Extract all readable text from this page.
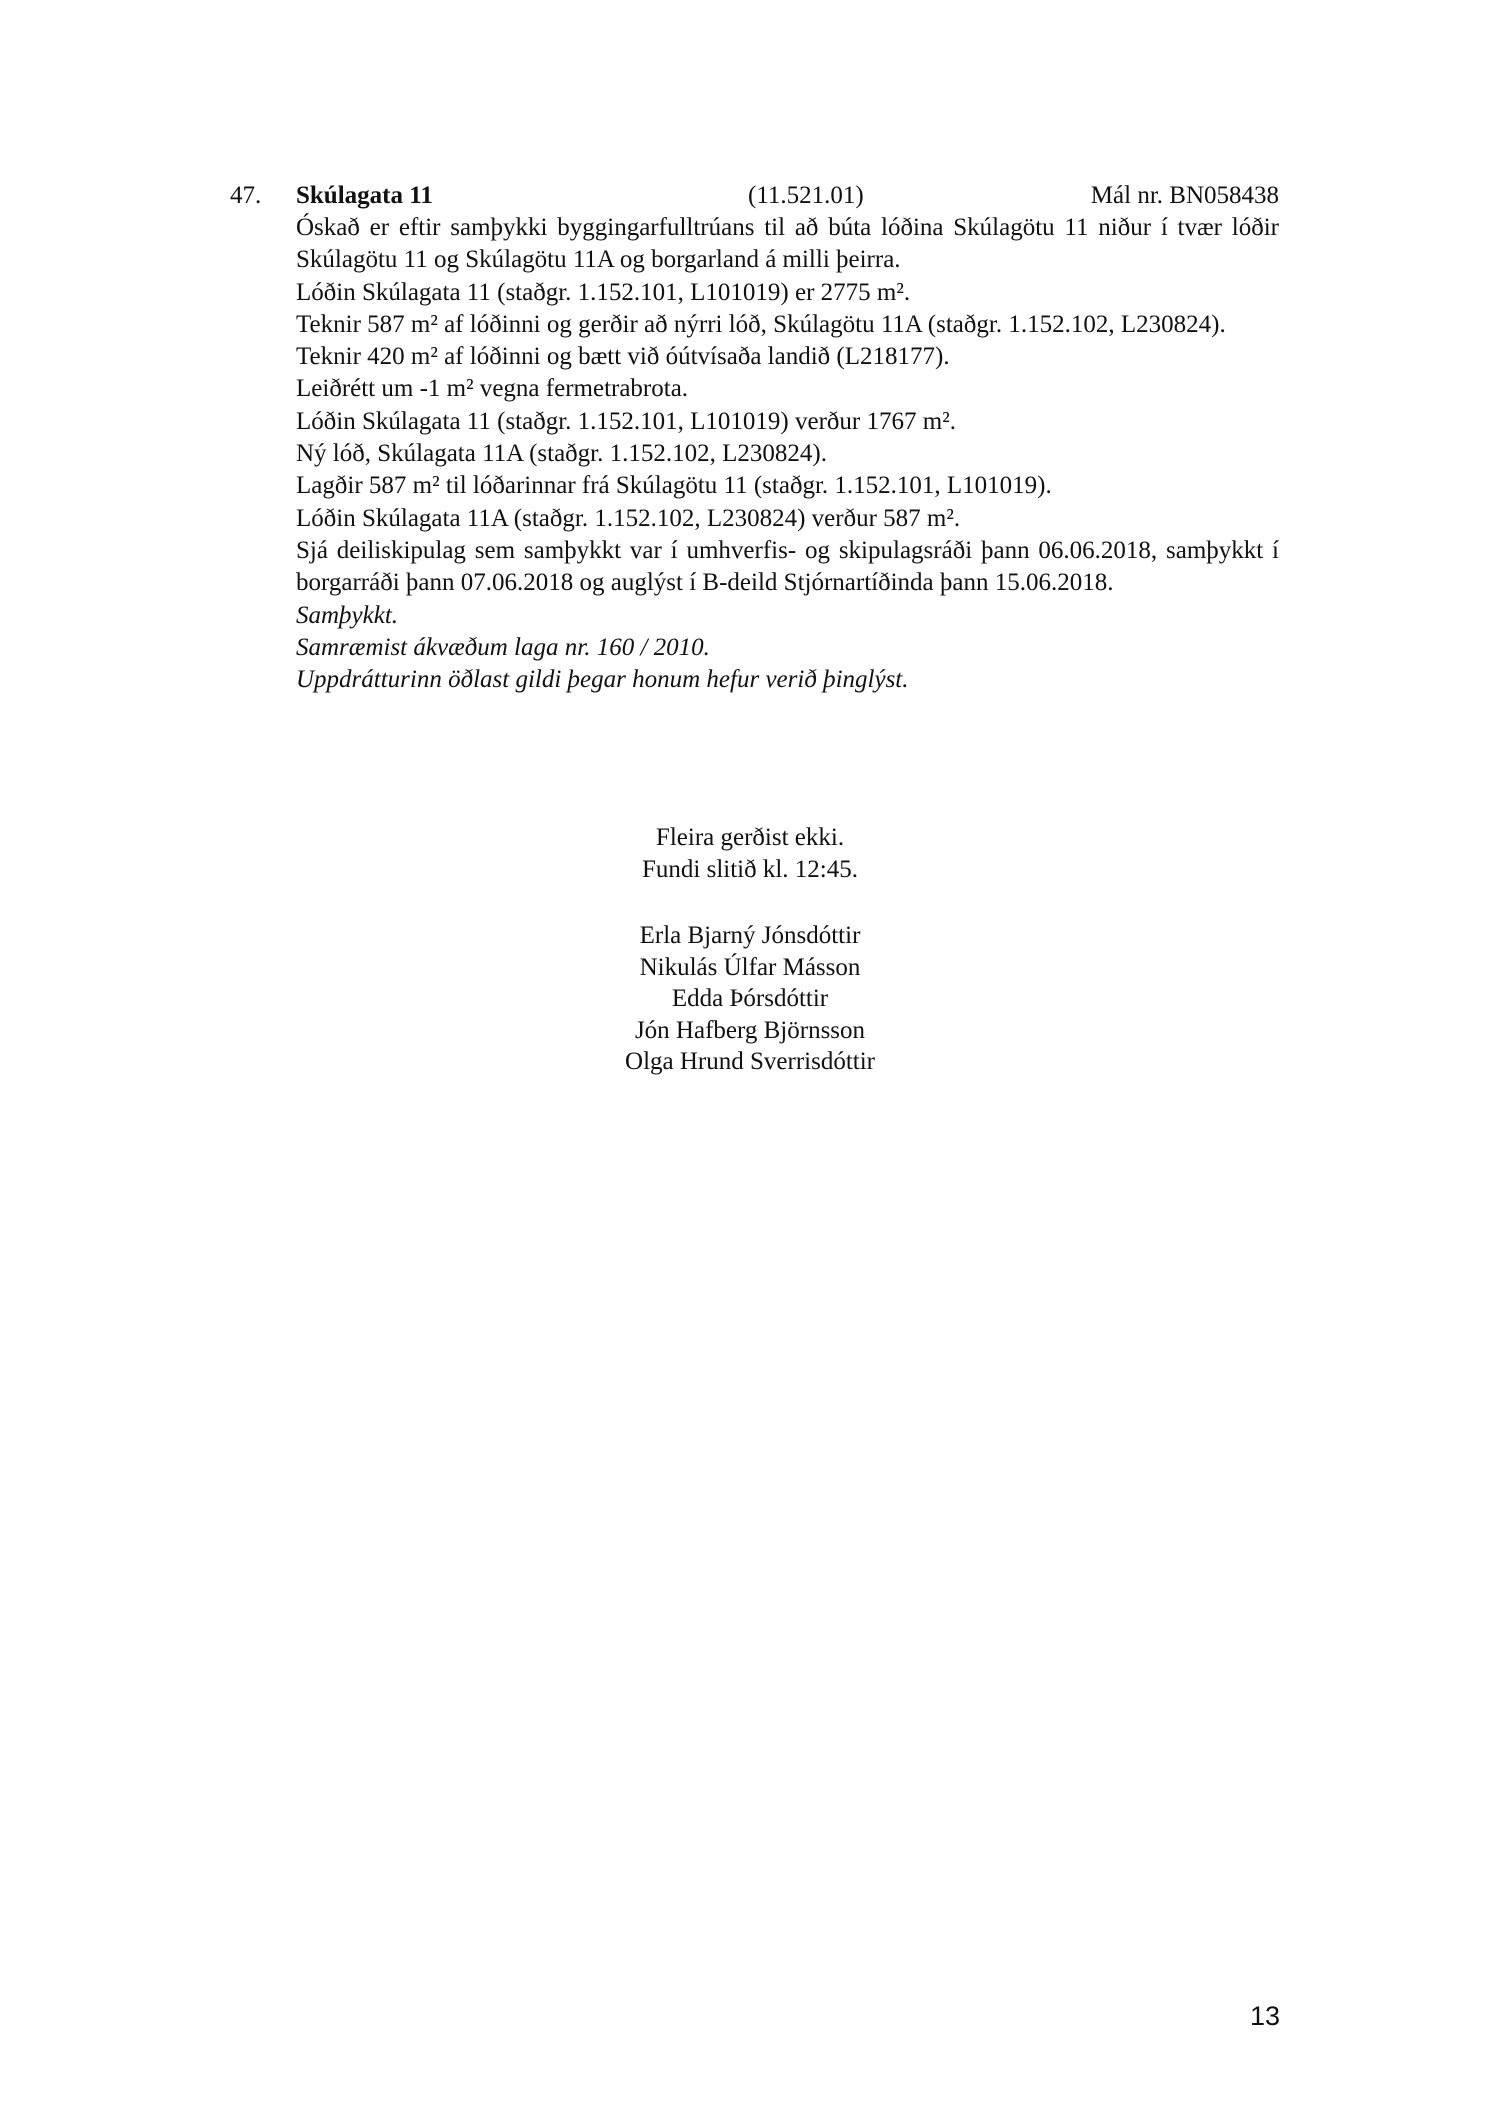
47. Skúlagata 11	(11.521.01)	Mál nr. BN058438

Óskað er eftir samþykki byggingarfulltrúans til að búta lóðina Skúlagötu 11 niður í tvær lóðir Skúlagötu 11 og Skúlagötu 11A og borgarland á milli þeirra.

Lóðin Skúlagata 11 (staðgr. 1.152.101, L101019) er 2775 m².

Teknir 587 m² af lóðinni og gerðir að nýrri lóð, Skúlagötu 11A (staðgr. 1.152.102, L230824).

Teknir 420 m² af lóðinni og bætt við óútvísaða landið (L218177).

Leiðrétt um -1 m² vegna fermetrabrota.

Lóðin Skúlagata 11 (staðgr. 1.152.101, L101019) verður 1767 m².

Ný lóð, Skúlagata 11A (staðgr. 1.152.102, L230824).

Lagðir 587 m² til lóðarinnar frá Skúlagötu 11 (staðgr. 1.152.101, L101019).

Lóðin Skúlagata 11A (staðgr. 1.152.102, L230824) verður 587 m².

Sjá deiliskipulag sem samþykkt var í umhverfis- og skipulagsráði þann 06.06.2018, samþykkt í borgarráði þann 07.06.2018 og auglýst í B-deild Stjórnartíðinda þann 15.06.2018.

Samþykkt.

Samræmist ákvæðum laga nr. 160 / 2010.

Uppdrátturinn öðlast gildi þegar honum hefur verið þinglýst.

Fleira gerðist ekki.

Fundi slitið kl. 12:45.

Erla Bjarný Jónsdóttir

Nikulás Úlfar Másson

Edda Þórsdóttir

Jón Hafberg Björnsson

Olga Hrund Sverrisdóttir

13
